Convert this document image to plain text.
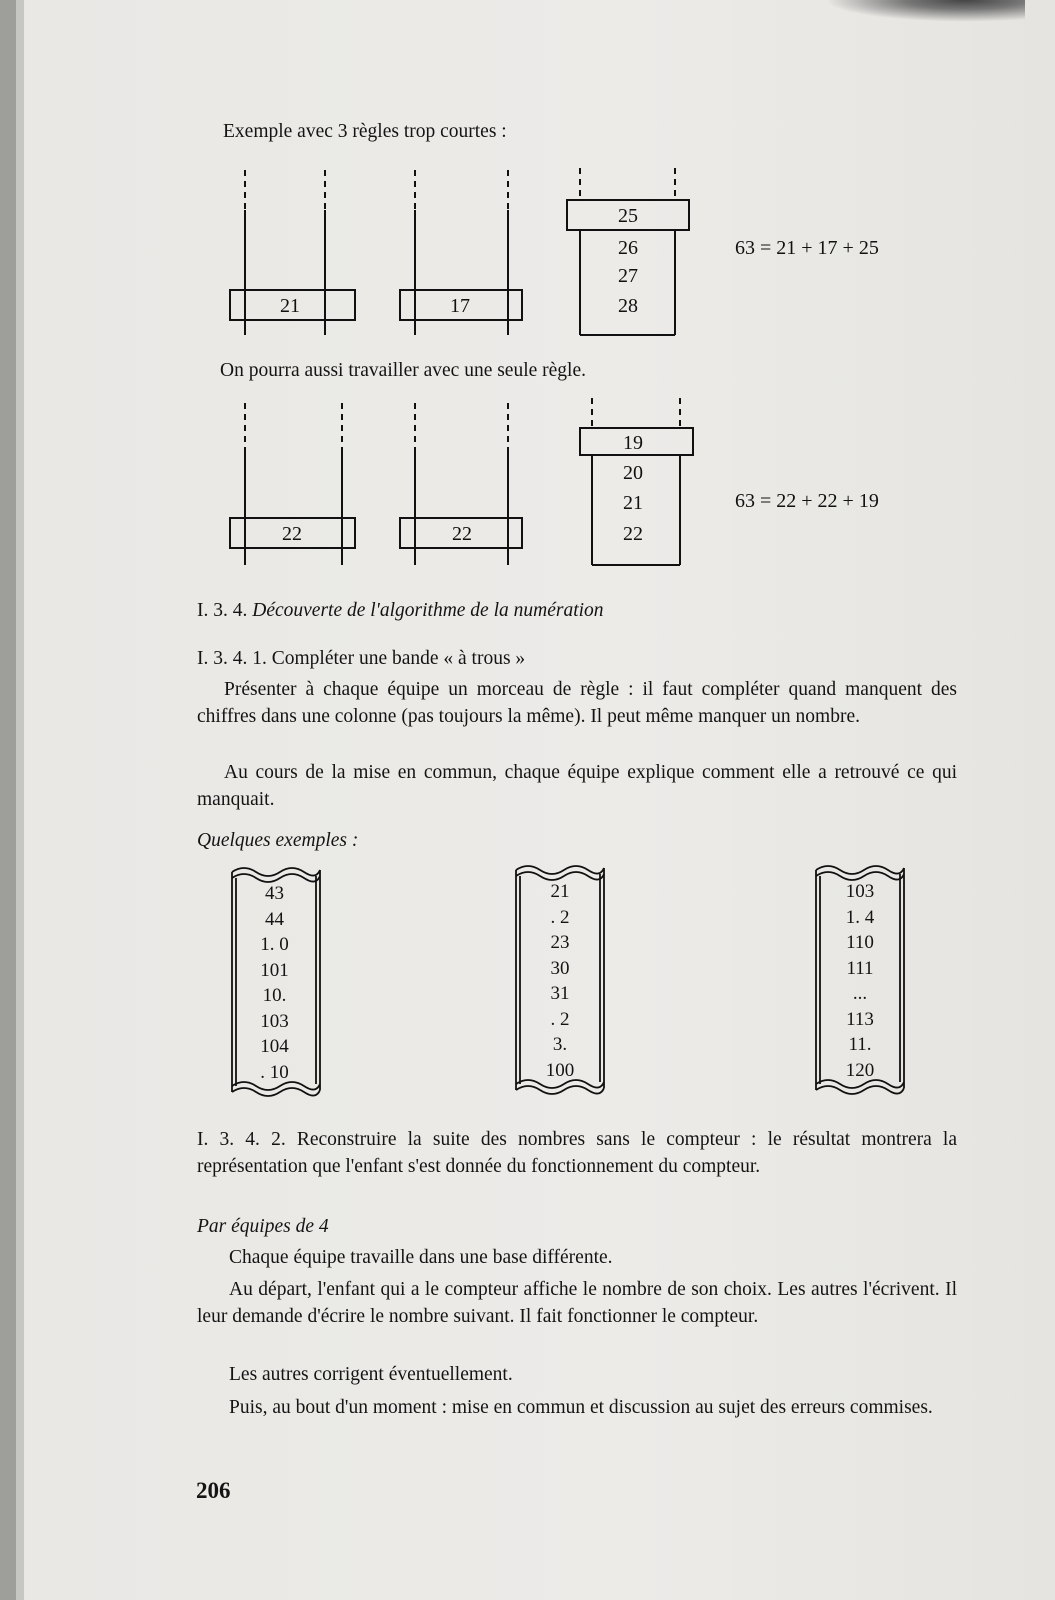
Exemple avec 3 règles trop courtes :
21	17
25
26
27
28
63 = 21 + 17 + 25
On pourra aussi travailler avec une seule règle.
22	22
19
20
21
22
63 = 22 + 22 + 19
I. 3. 4. Découverte de l'algorithme de la numération
I. 3. 4. 1. Compléter une bande « à trous »
Présenter à chaque équipe un morceau de règle : il faut compléter quand manquent des chiffres dans une colonne (pas toujours la même). Il peut même manquer un nombre.
Au cours de la mise en commun, chaque équipe explique comment elle a retrouvé ce qui manquait.
Quelques exemples :
43
44
1. 0
101
10.
103
104
. 10
21
. 2
23
30
31
. 2
3.
100
103
1. 4
110
111
...
113
11.
120
I. 3. 4. 2. Reconstruire la suite des nombres sans le compteur : le résultat montrera la représentation que l'enfant s'est donnée du fonctionnement du compteur.
Par équipes de 4
Chaque équipe travaille dans une base différente.
Au départ, l'enfant qui a le compteur affiche le nombre de son choix. Les autres l'écrivent. Il leur demande d'écrire le nombre suivant. Il fait fonctionner le compteur.
Les autres corrigent éventuellement.
Puis, au bout d'un moment : mise en commun et discussion au sujet des erreurs commises.
206
